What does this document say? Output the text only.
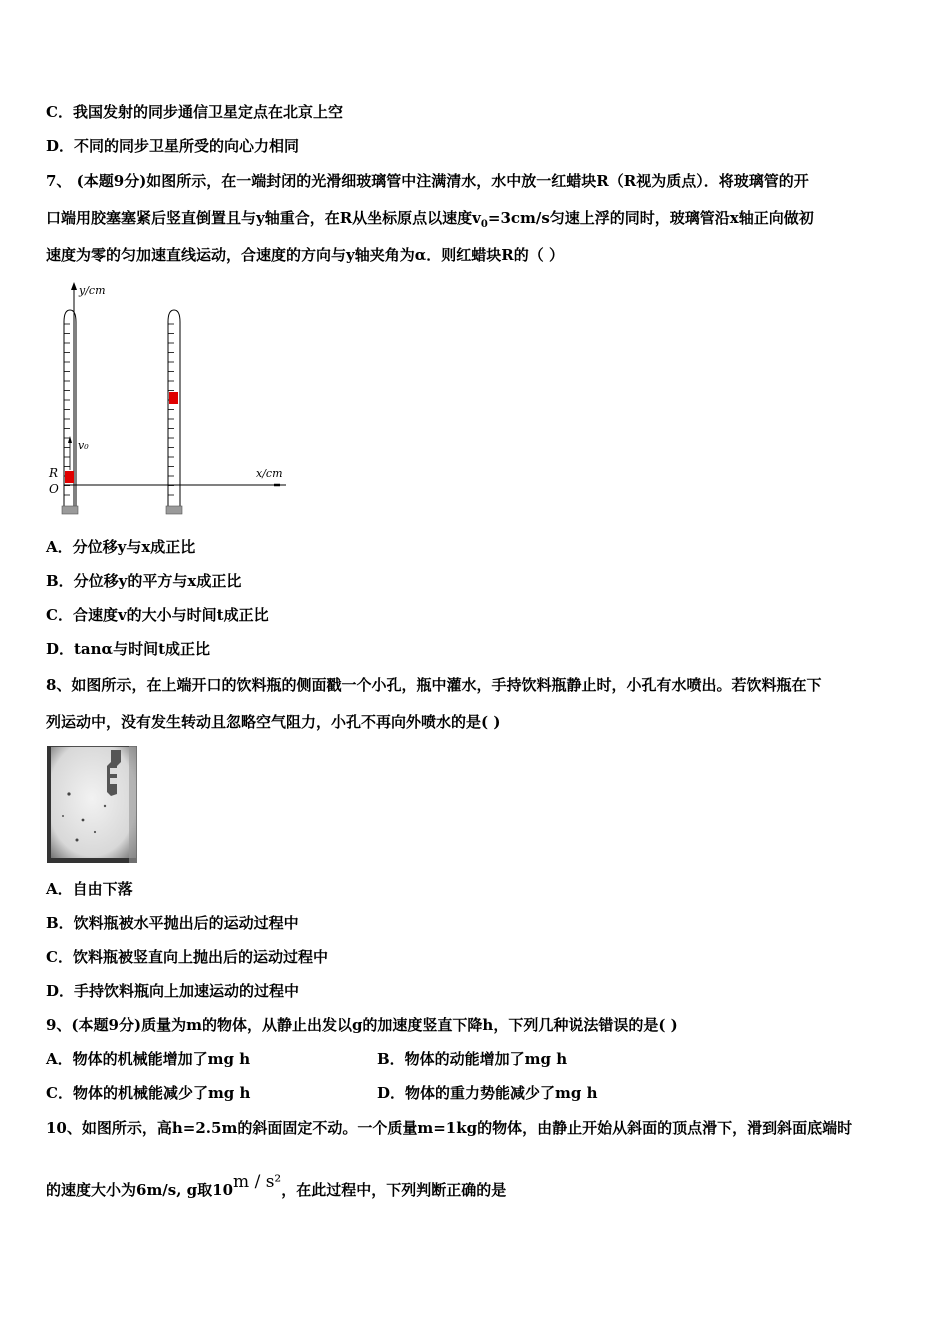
C．我国发射的同步通信卫星定点在北京上空
D．不同的同步卫星所受的向心力相同
7、 (本题9分)如图所示，在一端封闭的光滑细玻璃管中注满清水，水中放一红蜡块R（R视为质点）．将玻璃管的开
口端用胶塞塞紧后竖直倒置且与y轴重合，在R从坐标原点以速度$v_0=3cm/s$匀速上浮的同时，玻璃管沿x轴正向做初
速度为零的匀加速直线运动，合速度的方向与y轴夹角为α．则红蜡块R的（ ）
y/cm
x/cm
v₀
R
O
A．分位移y与x成正比
B．分位移y的平方与x成正比
C．合速度v的大小与时间t成正比
D．tanα与时间t成正比
8、如图所示，在上端开口的饮料瓶的侧面戳一个小孔，瓶中灌水，手持饮料瓶静止时，小孔有水喷出。若饮料瓶在下
列运动中，没有发生转动且忽略空气阻力，小孔不再向外喷水的是( )
A．自由下落
B．饮料瓶被水平抛出后的运动过程中
C．饮料瓶被竖直向上抛出后的运动过程中
D．手持饮料瓶向上加速运动的过程中
9、(本题9分)质量为m的物体，从静止出发以g的加速度竖直下降h，下列几种说法错误的是( )
A．物体的机械能增加了mg h	B．物体的动能增加了mg h
C．物体的机械能减少了mg h	D．物体的重力势能减少了mg h
10、如图所示，高h=2.5m的斜面固定不动。一个质量m=1kg的物体，由静止开始从斜面的顶点滑下，滑到斜面底端时
的速度大小为6m/s, g取10m / s²，在此过程中，下列判断正确的是
